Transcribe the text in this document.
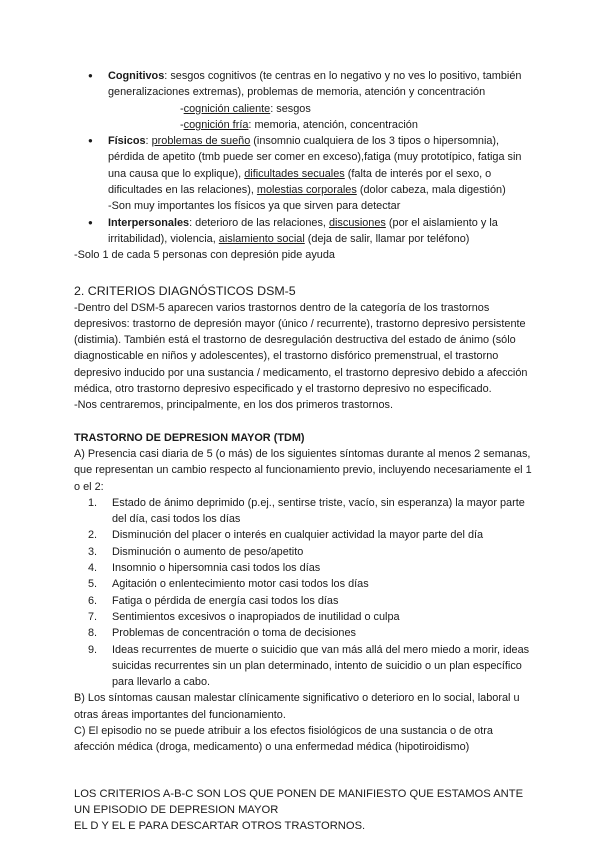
● Cognitivos: sesgos cognitivos (te centras en lo negativo y no ves lo positivo, también generalizaciones extremas), problemas de memoria, atención y concentración
-cognición caliente: sesgos
-cognición fría: memoria, atención, concentración
● Físicos: problemas de sueño (insomnio cualquiera de los 3 tipos o hipersomnia), pérdida de apetito (tmb puede ser comer en exceso),fatiga (muy prototípico, fatiga sin una causa que lo explique), dificultades secuales (falta de interés por el sexo, o dificultades en las relaciones), molestias corporales (dolor cabeza, mala digestión)
-Son muy importantes los físicos ya que sirven para detectar
● Interpersonales: deterioro de las relaciones, discusiones (por el aislamiento y la irritabilidad), violencia, aislamiento social (deja de salir, llamar por teléfono)

-Solo 1 de cada 5 personas con depresión pide ayuda

2. CRITERIOS DIAGNÓSTICOS DSM-5

-Dentro del DSM-5 aparecen varios trastornos dentro de la categoría de los trastornos depresivos: trastorno de depresión mayor (único / recurrente), trastorno depresivo persistente (distimia). También está el trastorno de desregulación destructiva del estado de ánimo (sólo diagnosticable en niños y adolescentes), el trastorno disfórico premenstrual, el trastorno depresivo inducido por una sustancia / medicamento, el trastorno depresivo debido a afección médica, otro trastorno depresivo especificado y el trastorno depresivo no especificado.

-Nos centraremos, principalmente, en los dos primeros trastornos.

TRASTORNO DE DEPRESION MAYOR (TDM)

A) Presencia casi diaria de 5 (o más) de los siguientes síntomas durante al menos 2 semanas, que representan un cambio respecto al funcionamiento previo, incluyendo necesariamente el 1 o el 2:

1. Estado de ánimo deprimido (p.ej., sentirse triste, vacío, sin esperanza) la mayor parte del día, casi todos los días
2. Disminución del placer o interés en cualquier actividad la mayor parte del día
3. Disminución o aumento de peso/apetito
4. Insomnio o hipersomnia casi todos los días
5. Agitación o enlentecimiento motor casi todos los días
6. Fatiga o pérdida de energía casi todos los días
7. Sentimientos excesivos o inapropiados de inutilidad o culpa
8. Problemas de concentración o toma de decisiones
9. Ideas recurrentes de muerte o suicidio que van más allá del mero miedo a morir, ideas suicidas recurrentes sin un plan determinado, intento de suicidio o un plan específico para llevarlo a cabo.

B) Los síntomas causan malestar clínicamente significativo o deterioro en lo social, laboral u otras áreas importantes del funcionamiento.

C) El episodio no se puede atribuir a los efectos fisiológicos de una sustancia o de otra afección médica (droga, medicamento) o una enfermedad médica (hipotiroidismo)

LOS CRITERIOS A-B-C SON LOS QUE PONEN DE MANIFIESTO QUE ESTAMOS ANTE UN EPISODIO DE DEPRESION MAYOR

EL D Y EL E PARA DESCARTAR OTROS TRASTORNOS.
